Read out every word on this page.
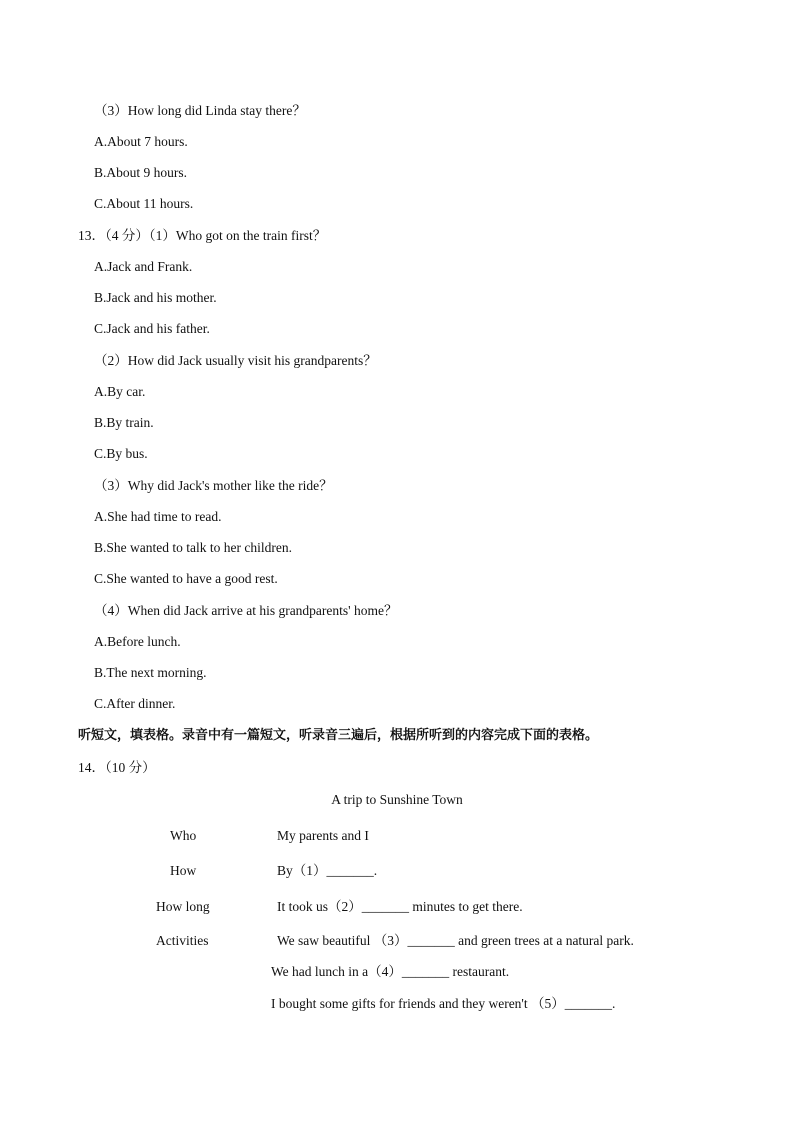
（3）How long did Linda stay there？
A.About 7 hours.
B.About 9 hours.
C.About 11 hours.
13．（4 分）（1）Who got on the train first？
A.Jack and Frank.
B.Jack and his mother.
C.Jack and his father.
（2）How did Jack usually visit his grandparents？
A.By car.
B.By train.
C.By bus.
（3）Why did Jack's mother like the ride？
A.She had time to read.
B.She wanted to talk to her children.
C.She wanted to have a good rest.
（4）When did Jack arrive at his grandparents' home？
A.Before lunch.
B.The next morning.
C.After dinner.
听短文，填表格。录音中有一篇短文，听录音三遍后，根据所听到的内容完成下面的表格。
14．（10 分）
A trip to Sunshine Town
Who	My parents and I
How	By（1）_______.
How long	It took us（2）_______ minutes to get there.
Activities	We saw beautiful （3）_______ and green trees at a natural park.
We had lunch in a（4）_______ restaurant.
I bought some gifts for friends and they weren't （5）_______.
